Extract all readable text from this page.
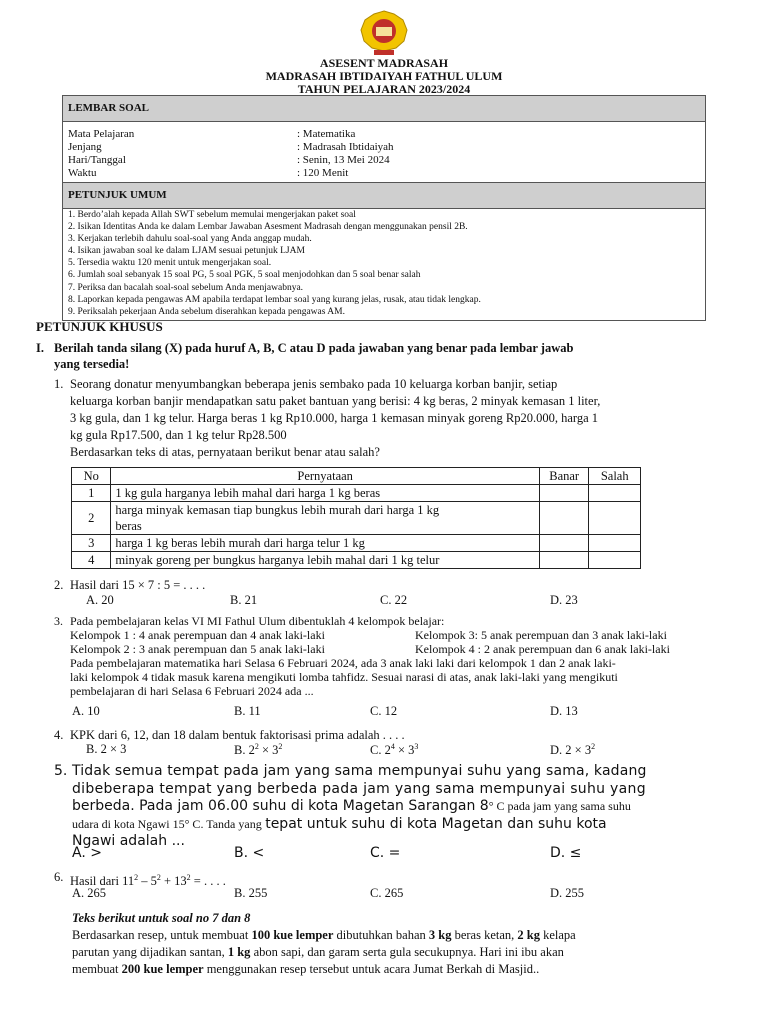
ASESENT MADRASAH
MADRASAH IBTIDAIYAH FATHUL ULUM
TAHUN PELAJARAN 2023/2024
LEMBAR SOAL
Mata Pelajaran	: Matematika
Jenjang	: Madrasah Ibtidaiyah
Hari/Tanggal	: Senin, 13 Mei 2024
Waktu	: 120 Menit
PETUNJUK UMUM
1. Berdo’alah kepada Allah SWT sebelum memulai mengerjakan paket soal
2. Isikan Identitas Anda ke dalam Lembar Jawaban Asesment Madrasah dengan menggunakan pensil 2B.
3. Kerjakan terlebih dahulu soal-soal yang Anda anggap mudah.
4. Isikan jawaban soal ke dalam LJAM sesuai petunjuk LJAM
5. Tersedia waktu 120 menit untuk mengerjakan soal.
6. Jumlah soal sebanyak 15 soal PG, 5 soal PGK, 5 soal menjodohkan dan 5 soal benar salah
7. Periksa dan bacalah soal-soal sebelum Anda menjawabnya.
8. Laporkan kepada pengawas AM apabila terdapat lembar soal yang kurang jelas, rusak, atau tidak lengkap.
9. Periksalah pekerjaan Anda sebelum diserahkan kepada pengawas AM.
PETUNJUK KHUSUS
I. Berilah tanda silang (X) pada huruf A, B, C atau D pada jawaban yang benar pada lembar jawab
yang tersedia!
1. Seorang donatur menyumbangkan beberapa jenis sembako pada 10 keluarga korban banjir, setiap
keluarga korban banjir mendapatkan satu paket bantuan yang berisi: 4 kg beras, 2 minyak kemasan 1 liter,
3 kg gula, dan 1 kg telur. Harga beras 1 kg Rp10.000, harga 1 kemasan minyak goreng Rp20.000, harga 1
kg gula Rp17.500, dan 1 kg telur Rp28.500
Berdasarkan teks di atas, pernyataan berikut benar atau salah?
No	Pernyataan	Banar	Salah
1	1 kg gula harganya lebih mahal dari harga 1 kg beras		
2	harga minyak kemasan tiap bungkus lebih murah dari harga 1 kg
beras		

3	harga 1 kg beras lebih murah dari harga telur 1 kg		
4	minyak goreng per bungkus harganya lebih mahal dari 1 kg telur		
2. Hasil dari 15 × 7 : 5 = . . . .
A. 20	B. 21	C. 22	D. 23
3. Pada pembelajaran kelas VI MI Fathul Ulum dibentuklah 4 kelompok belajar:
Kelompok 1 : 4 anak perempuan dan 4 anak laki-laki	Kelompok 3: 5 anak perempuan dan 3 anak laki-laki
Kelompok 2 : 3 anak perempuan dan 5 anak laki-laki	Kelompok 4 : 2 anak perempuan dan 6 anak laki-laki
Pada pembelajaran matematika hari Selasa 6 Februari 2024, ada 3 anak laki laki dari kelompok 1 dan 2 anak laki-
laki kelompok 4 tidak masuk karena mengikuti lomba tahfidz. Sesuai narasi di atas, anak laki-laki yang mengikuti
pembelajaran di hari Selasa 6 Februari 2024 ada ...
A. 10	B. 11	C. 12	D. 13
4. KPK dari 6, 12, dan 18 dalam bentuk faktorisasi prima adalah . . . .
B. 2 × 3	B. $2^2 \times 3^2$	C. $2^4 \times 3^3$	D. $2 \times 3^2$
5. Tidak semua tempat pada jam yang sama mempunyai suhu yang sama, kadang
dibeberapa tempat yang berbeda pada jam yang sama mempunyai suhu yang
berbeda. Pada jam 06.00 suhu di kota Magetan Sarangan 8° C pada jam yang sama suhu
udara di kota Ngawi 15° C. Tanda yang tepat untuk suhu di kota Magetan dan suhu kota
Ngawi adalah ...
A. >	B. <	C. =	D. ≤
6. Hasil dari $11^2 - 5^2 + 13^2$ = . . . .
A. 265	B. 255	C. 265	D. 255
Teks berikut untuk soal no 7 dan 8
Berdasarkan resep, untuk membuat 100 kue lemper dibutuhkan bahan 3 kg beras ketan, 2 kg kelapa
parutan yang dijadikan santan, 1 kg abon sapi, dan garam serta gula secukupnya. Hari ini ibu akan
membuat 200 kue lemper menggunakan resep tersebut untuk acara Jumat Berkah di Masjid..
